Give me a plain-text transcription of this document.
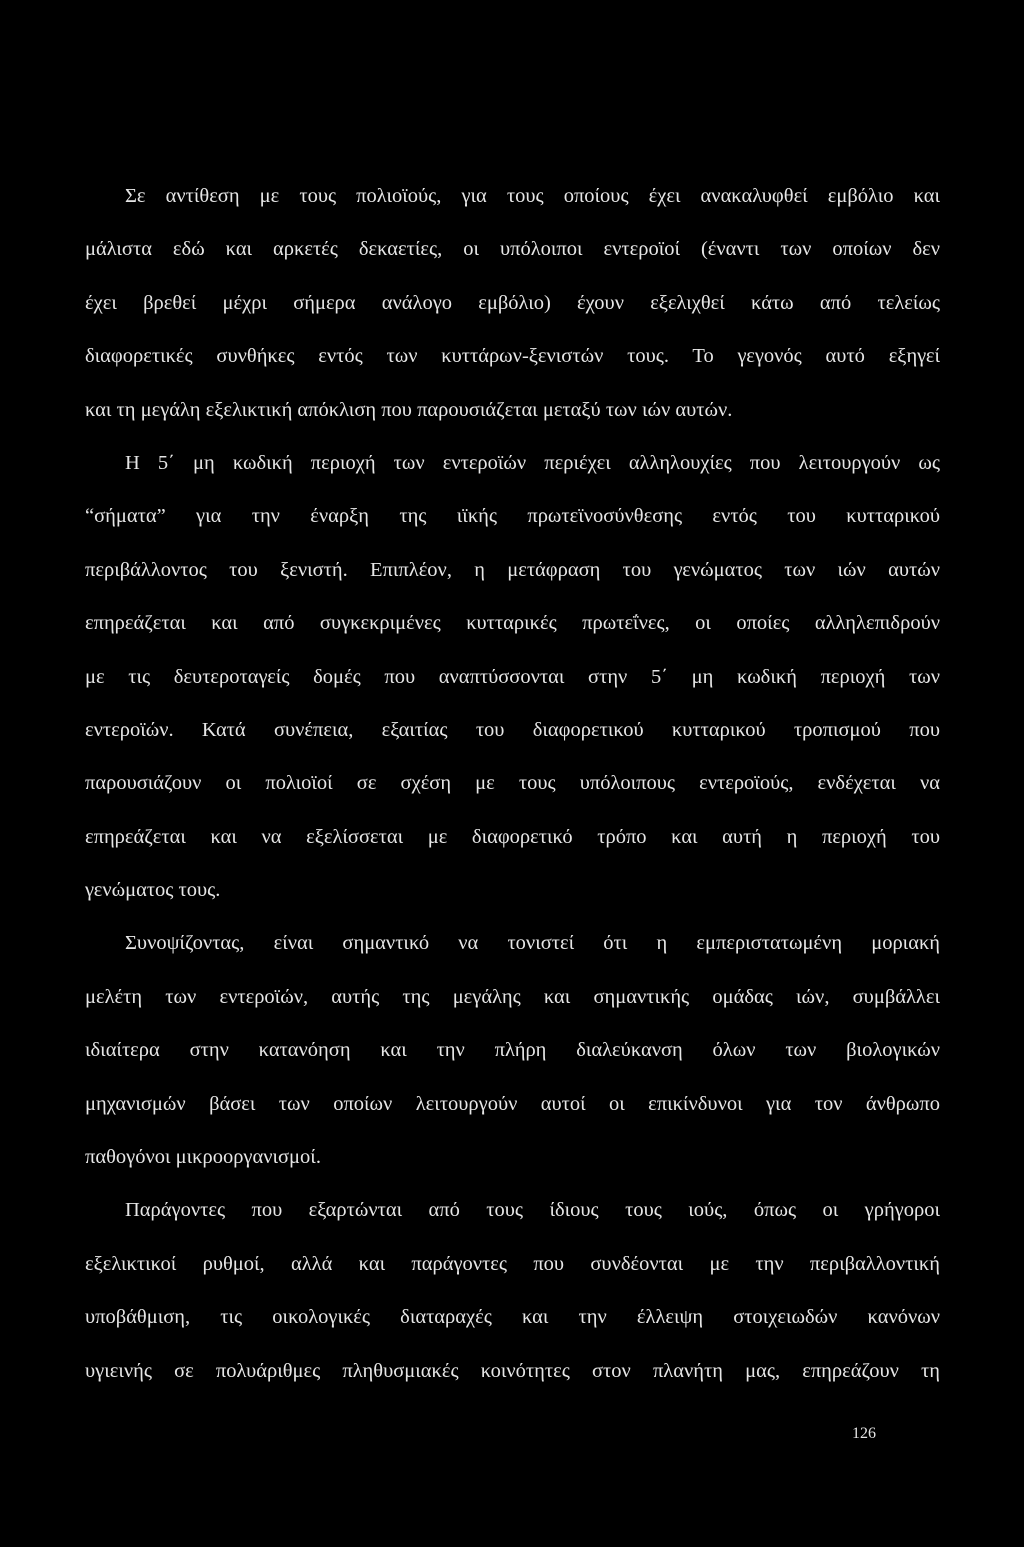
Σε αντίθεση με τους πολιοϊούς, για τους οποίους έχει ανακαλυφθεί εμβόλιο και
μάλιστα εδώ και αρκετές δεκαετίες, οι υπόλοιποι εντεροϊοί (έναντι των οποίων δεν
έχει βρεθεί μέχρι σήμερα ανάλογο εμβόλιο) έχουν εξελιχθεί κάτω από τελείως
διαφορετικές συνθήκες εντός των κυττάρων-ξενιστών τους. Το γεγονός αυτό εξηγεί
και τη μεγάλη εξελικτική απόκλιση που παρουσιάζεται μεταξύ των ιών αυτών.
Η 5΄ μη κωδική περιοχή των εντεροϊών περιέχει αλληλουχίες που λειτουργούν ως
“σήματα” για την έναρξη της ιϊκής πρωτεϊνοσύνθεσης εντός του κυτταρικού
περιβάλλοντος του ξενιστή. Επιπλέον, η μετάφραση του γενώματος των ιών αυτών
επηρεάζεται και από συγκεκριμένες κυτταρικές πρωτεΐνες, οι οποίες αλληλεπιδρούν
με τις δευτεροταγείς δομές που αναπτύσσονται στην 5΄ μη κωδική περιοχή των
εντεροϊών. Κατά συνέπεια, εξαιτίας του διαφορετικού κυτταρικού τροπισμού που
παρουσιάζουν οι πολιοϊοί σε σχέση με τους υπόλοιπους εντεροϊούς, ενδέχεται να
επηρεάζεται και να εξελίσσεται με διαφορετικό τρόπο και αυτή η περιοχή του
γενώματος τους.
Συνοψίζοντας, είναι σημαντικό να τονιστεί ότι η εμπεριστατωμένη μοριακή
μελέτη των εντεροϊών, αυτής της μεγάλης και σημαντικής ομάδας ιών, συμβάλλει
ιδιαίτερα στην κατανόηση και την πλήρη διαλεύκανση όλων των βιολογικών
μηχανισμών βάσει των οποίων λειτουργούν αυτοί οι επικίνδυνοι για τον άνθρωπο
παθογόνοι μικροοργανισμοί.
Παράγοντες που εξαρτώνται από τους ίδιους τους ιούς, όπως οι γρήγοροι
εξελικτικοί ρυθμοί, αλλά και παράγοντες που συνδέονται με την περιβαλλοντική
υποβάθμιση, τις οικολογικές διαταραχές και την έλλειψη στοιχειωδών κανόνων
υγιεινής σε πολυάριθμες πληθυσμιακές κοινότητες στον πλανήτη μας, επηρεάζουν τη
126
